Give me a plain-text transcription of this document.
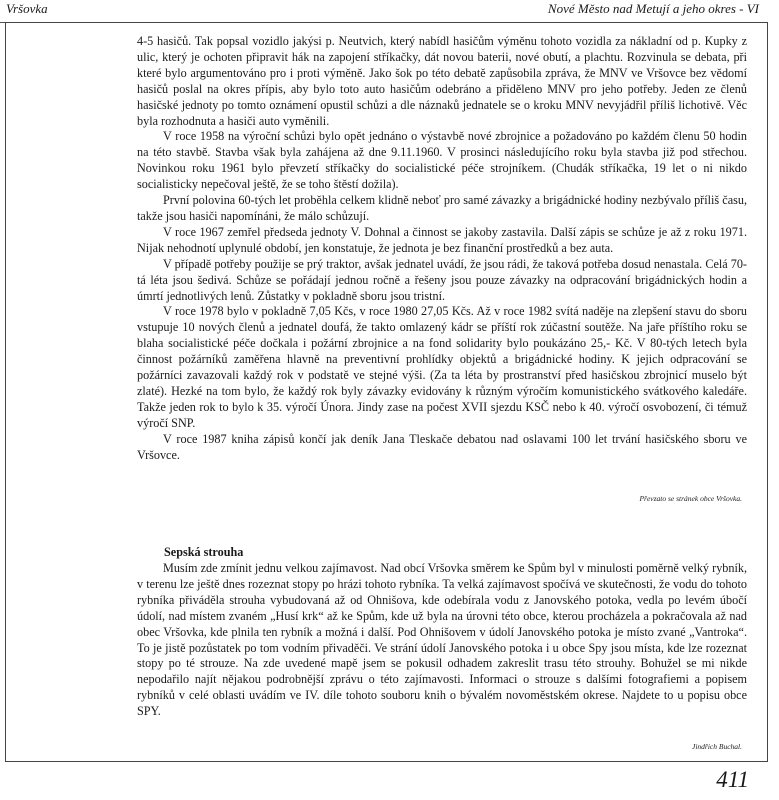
Vršovka	Nové Město nad Metují a jeho okres - VI

4-5 hasičů. Tak popsal vozidlo jakýsi p. Neutvich, který nabídl hasičům výměnu tohoto vozidla za nákladní od p. Kupky z ulic, který je ochoten připravit hák na zapojení stříkačky, dát novou baterii, nové obutí, a plachtu. Rozvinula se debata, při které bylo argumentováno pro i proti výměně. Jako šok po této debatě zapůsobila zpráva, že MNV ve Vršovce bez vědomí hasičů poslal na okres přípis, aby bylo toto auto hasičům odebráno a přiděleno MNV pro jeho potřeby. Jeden ze členů hasičské jednoty po tomto oznámení opustil schůzi a dle náznaků jednatele se o kroku MNV nevyjádřil příliš lichotivě. Věc byla rozhodnuta a hasiči auto vyměnili.

V roce 1958 na výroční schůzi bylo opět jednáno o výstavbě nové zbrojnice a požadováno po každém členu 50 hodin na této stavbě. Stavba však byla zahájena až dne 9.11.1960. V prosinci následujícího roku byla stavba již pod střechou. Novinkou roku 1961 bylo převzetí stříkačky do socialistické péče strojníkem. (Chudák stříkačka, 19 let o ni nikdo socialisticky nepečoval ještě, že se toho štěstí dožila).

První polovina 60-tých let proběhla celkem klidně neboť pro samé závazky a brigádnické hodiny nezbývalo příliš času, takže jsou hasiči napomínáni, že málo schůzují.

V roce 1967 zemřel předseda jednoty V. Dohnal a činnost se jakoby zastavila. Další zápis se schůze je až z roku 1971. Nijak nehodnotí uplynulé období, jen konstatuje, že jednota je bez finanční prostředků a bez auta.

V případě potřeby použije se prý traktor, avšak jednatel uvádí, že jsou rádi, že taková potřeba dosud nenastala. Celá 70-tá léta jsou šedivá. Schůze se pořádají jednou ročně a řešeny jsou pouze závazky na odpracování brigádnických hodin a úmrtí jednotlivých lenů. Zůstatky v pokladně sboru jsou tristní.

V roce 1978 bylo v pokladně 7,05 Kčs, v roce 1980 27,05 Kčs. Až v roce 1982 svítá naděje na zlepšení stavu do sboru vstupuje 10 nových členů a jednatel doufá, že takto omlazený kádr se příští rok zúčastní soutěže. Na jaře příštího roku se blaha socialistické péče dočkala i požární zbrojnice a na fond solidarity bylo poukázáno 25,- Kč. V 80-tých letech byla činnost požárníků zaměřena hlavně na preventivní prohlídky objektů a brigádnické hodiny. K jejich odpracování se požárníci zavazovali každý rok v podstatě ve stejné výši. (Za ta léta by prostranství před hasičskou zbrojnicí muselo být zlaté). Hezké na tom bylo, že každý rok byly závazky evidovány k různým výročím komunistického svátkového kaledáře. Takže jeden rok to bylo k 35. výročí Února. Jindy zase na počest XVII sjezdu KSČ nebo k 40. výročí osvobození, či témuž výročí SNP.

V roce 1987 kniha zápisů končí jak deník Jana Tleskače debatou nad oslavami 100 let trvání hasičského sboru ve Vršovce.

Převzato se stránek obce Vršovka.
Sepská strouha

Musím zde zmínit jednu velkou zajímavost. Nad obcí Vršovka směrem ke Spům byl v minulosti poměrně velký rybník, v terenu lze ještě dnes rozeznat stopy po hrázi tohoto rybníka. Ta velká zajímavost spočívá ve skutečnosti, že vodu do tohoto rybníka přiváděla strouha vybudovaná až od Ohnišova, kde odebírala vodu z Janovského potoka, vedla po levém úbočí údolí, nad místem zvaném „Husí krk“ až ke Spům, kde už byla na úrovni této obce, kterou procházela a pokračovala až nad obec Vršovka, kde plnila ten rybník a možná i další. Pod Ohnišovem v údolí Janovského potoka je místo zvané „Vantroka“. To je jistě pozůstatek po tom vodním přivaděči. Ve strání údolí Janovského potoka i u obce Spy jsou místa, kde lze rozeznat stopy po té strouze. Na zde uvedené mapě jsem se pokusil odhadem zakreslit trasu této strouhy. Bohužel se mi nikde nepodařilo najít nějakou podrobnější zprávu o této zajímavosti. Informaci o strouze s dalšími fotografiemi a popisem rybníků v celé oblasti uvádím ve IV. díle tohoto souboru knih o bývalém novoměstském okrese. Najdete to u popisu obce SPY.

Jindřich Buchal.
411
